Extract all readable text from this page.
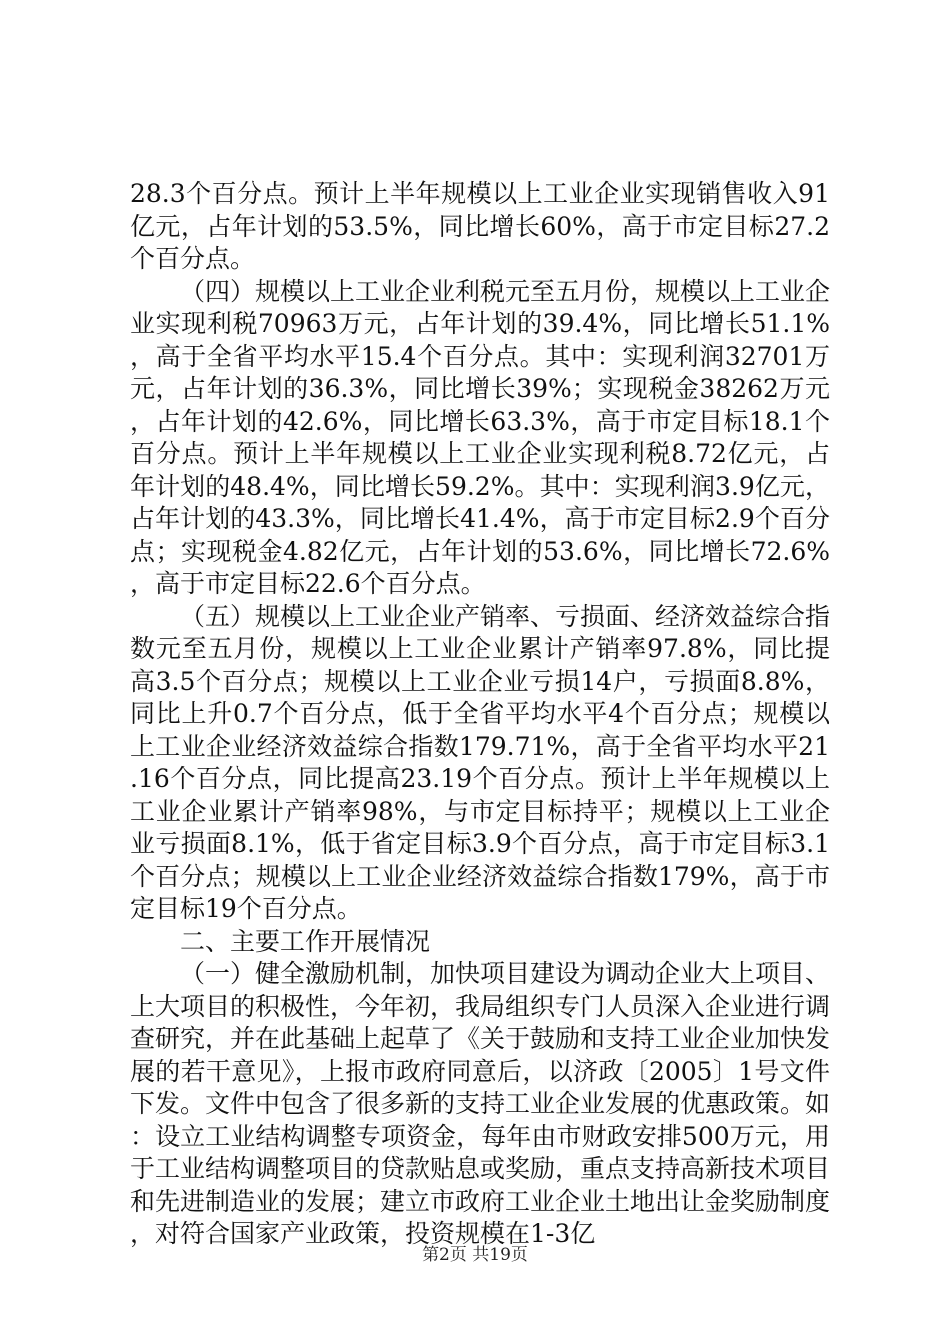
28.3个百分点。预计上半年规模以上工业企业实现销售收入91亿元，占年计划的53.5%，同比增长60%，高于市定目标27.2个百分点。

（四）规模以上工业企业利税元至五月份，规模以上工业企业实现利税70963万元，占年计划的39.4%，同比增长51.1%，高于全省平均水平15.4个百分点。其中：实现利润32701万元，占年计划的36.3%，同比增长39%；实现税金38262万元，占年计划的42.6%，同比增长63.3%，高于市定目标18.1个百分点。预计上半年规模以上工业企业实现利税8.72亿元，占年计划的48.4%，同比增长59.2%。其中：实现利润3.9亿元，占年计划的43.3%，同比增长41.4%，高于市定目标2.9个百分点；实现税金4.82亿元，占年计划的53.6%，同比增长72.6%，高于市定目标22.6个百分点。

（五）规模以上工业企业产销率、亏损面、经济效益综合指数元至五月份，规模以上工业企业累计产销率97.8%，同比提高3.5个百分点；规模以上工业企业亏损14户，亏损面8.8%，同比上升0.7个百分点，低于全省平均水平4个百分点；规模以上工业企业经济效益综合指数179.71%，高于全省平均水平21.16个百分点，同比提高23.19个百分点。预计上半年规模以上工业企业累计产销率98%，与市定目标持平；规模以上工业企业亏损面8.1%，低于省定目标3.9个百分点，高于市定目标3.1个百分点；规模以上工业企业经济效益综合指数179%，高于市定目标19个百分点。

二、主要工作开展情况

（一）健全激励机制，加快项目建设为调动企业大上项目、上大项目的积极性，今年初，我局组织专门人员深入企业进行调查研究，并在此基础上起草了《关于鼓励和支持工业企业加快发展的若干意见》，上报市政府同意后，以济政〔2005〕1号文件下发。文件中包含了很多新的支持工业企业发展的优惠政策。如：设立工业结构调整专项资金，每年由市财政安排500万元，用于工业结构调整项目的贷款贴息或奖励，重点支持高新技术项目和先进制造业的发展；建立市政府工业企业土地出让金奖励制度，对符合国家产业政策，投资规模在1-3亿

第2页 共19页
